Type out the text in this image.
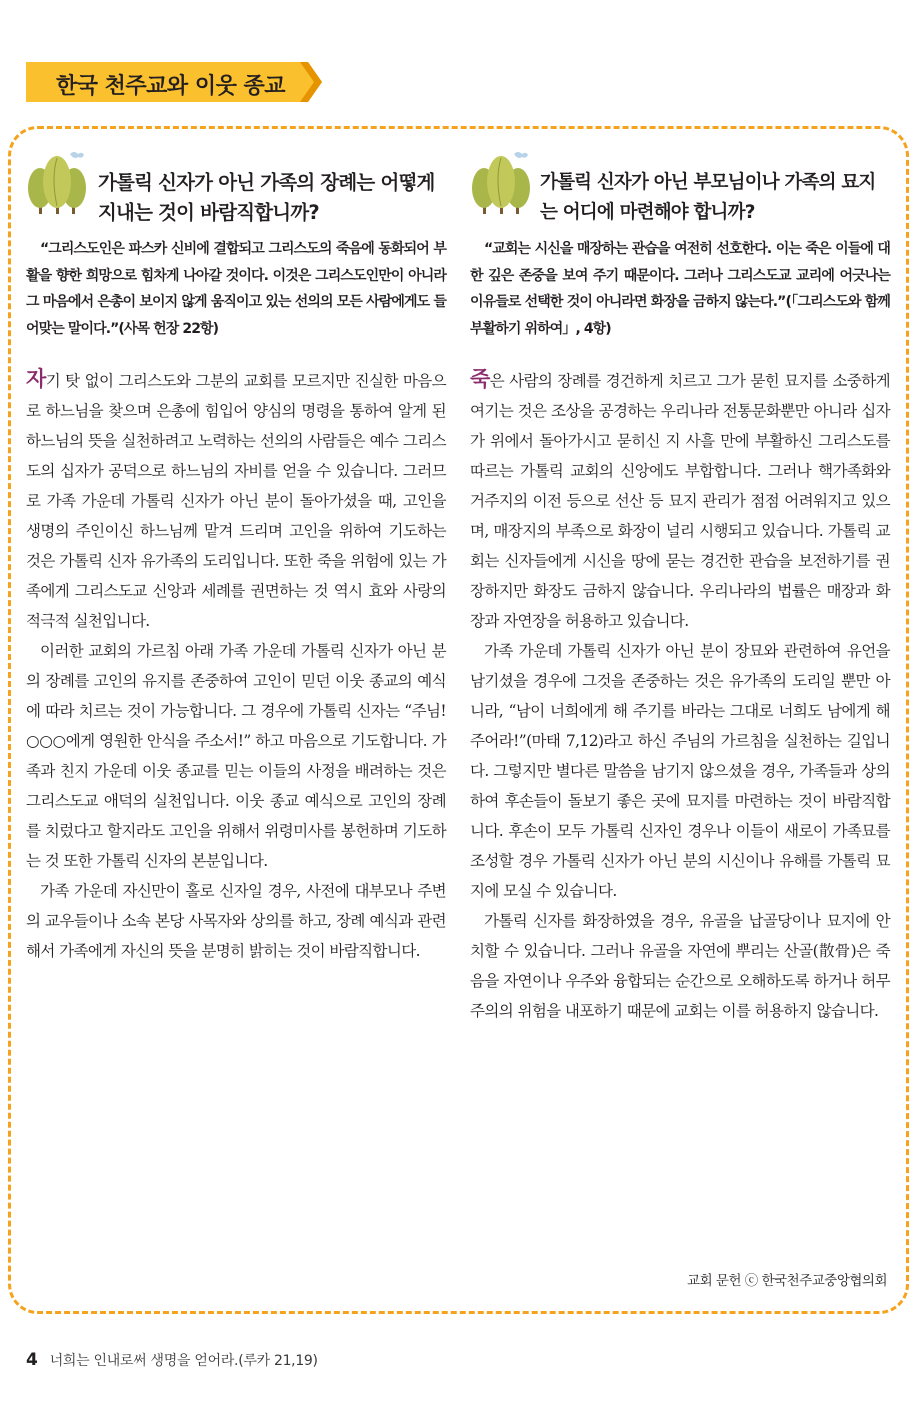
한국 천주교와 이웃 종교
가톨릭 신자가 아닌 가족의 장례는 어떻게 지내는 것이 바람직합니까?
“그리스도인은 파스카 신비에 결합되고 그리스도의 죽음에 동화되어 부활을 향한 희망으로 힘차게 나아갈 것이다. 이것은 그리스도인만이 아니라 그 마음에서 은총이 보이지 않게 움직이고 있는 선의의 모든 사람에게도 들어맞는 말이다.”(사목 헌장 22항)

자기 탓 없이 그리스도와 그분의 교회를 모르지만 진실한 마음으로 하느님을 찾으며 은총에 힘입어 양심의 명령을 통하여 알게 된 하느님의 뜻을 실천하려고 노력하는 선의의 사람들은 예수 그리스도의 십자가 공덕으로 하느님의 자비를 얻을 수 있습니다. 그러므로 가족 가운데 가톨릭 신자가 아닌 분이 돌아가셨을 때, 고인을 생명의 주인이신 하느님께 맡겨 드리며 고인을 위하여 기도하는 것은 가톨릭 신자 유가족의 도리입니다. 또한 죽을 위험에 있는 가족에게 그리스도교 신앙과 세례를 권면하는 것 역시 효와 사랑의 적극적 실천입니다.

이러한 교회의 가르침 아래 가족 가운데 가톨릭 신자가 아닌 분의 장례를 고인의 유지를 존중하여 고인이 믿던 이웃 종교의 예식에 따라 치르는 것이 가능합니다. 그 경우에 가톨릭 신자는 “주님! ○○○에게 영원한 안식을 주소서!” 하고 마음으로 기도합니다. 가족과 친지 가운데 이웃 종교를 믿는 이들의 사정을 배려하는 것은 그리스도교 애덕의 실천입니다. 이웃 종교 예식으로 고인의 장례를 치렀다고 할지라도 고인을 위해서 위령미사를 봉헌하며 기도하는 것 또한 가톨릭 신자의 본분입니다.

가족 가운데 자신만이 홀로 신자일 경우, 사전에 대부모나 주변의 교우들이나 소속 본당 사목자와 상의를 하고, 장례 예식과 관련해서 가족에게 자신의 뜻을 분명히 밝히는 것이 바람직합니다.

가톨릭 신자가 아닌 부모님이나 가족의 묘지는 어디에 마련해야 합니까?
“교회는 시신을 매장하는 관습을 여전히 선호한다. 이는 죽은 이들에 대한 깊은 존중을 보여 주기 때문이다. 그러나 그리스도교 교리에 어긋나는 이유들로 선택한 것이 아니라면 화장을 금하지 않는다.”(「그리스도와 함께 부활하기 위하여」, 4항)

죽은 사람의 장례를 경건하게 치르고 그가 묻힌 묘지를 소중하게 여기는 것은 조상을 공경하는 우리나라 전통문화뿐만 아니라 십자가 위에서 돌아가시고 묻히신 지 사흘 만에 부활하신 그리스도를 따르는 가톨릭 교회의 신앙에도 부합합니다. 그러나 핵가족화와 거주지의 이전 등으로 선산 등 묘지 관리가 점점 어려워지고 있으며, 매장지의 부족으로 화장이 널리 시행되고 있습니다. 가톨릭 교회는 신자들에게 시신을 땅에 묻는 경건한 관습을 보전하기를 권장하지만 화장도 금하지 않습니다. 우리나라의 법률은 매장과 화장과 자연장을 허용하고 있습니다.

가족 가운데 가톨릭 신자가 아닌 분이 장묘와 관련하여 유언을 남기셨을 경우에 그것을 존중하는 것은 유가족의 도리일 뿐만 아니라, “남이 너희에게 해 주기를 바라는 그대로 너희도 남에게 해 주어라!”(마태 7,12)라고 하신 주님의 가르침을 실천하는 길입니다. 그렇지만 별다른 말씀을 남기지 않으셨을 경우, 가족들과 상의하여 후손들이 돌보기 좋은 곳에 묘지를 마련하는 것이 바람직합니다. 후손이 모두 가톨릭 신자인 경우나 이들이 새로이 가족묘를 조성할 경우 가톨릭 신자가 아닌 분의 시신이나 유해를 가톨릭 묘지에 모실 수 있습니다.

가톨릭 신자를 화장하였을 경우, 유골을 납골당이나 묘지에 안치할 수 있습니다. 그러나 유골을 자연에 뿌리는 산골(散骨)은 죽음을 자연이나 우주와 융합되는 순간으로 오해하도록 하거나 허무주의의 위험을 내포하기 때문에 교회는 이를 허용하지 않습니다.

교회 문헌 ⓒ 한국천주교중앙협의회
4 너희는 인내로써 생명을 얻어라.(루카 21,19)
